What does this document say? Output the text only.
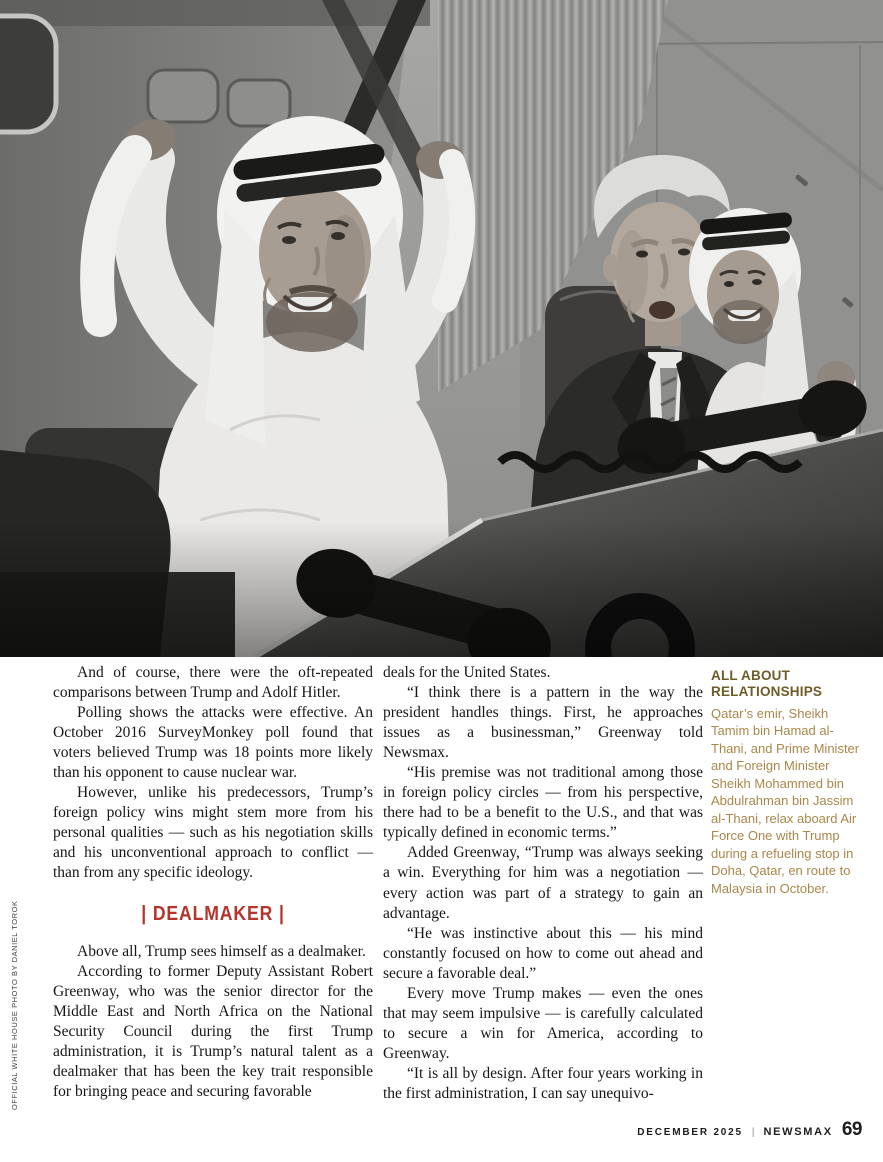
OFFICIAL WHITE HOUSE PHOTO BY DANIEL TOROK

And of course, there were the oft-repeated comparisons between Trump and Adolf Hitler.

Polling shows the attacks were effective. An October 2016 SurveyMonkey poll found that voters believed Trump was 18 points more likely than his opponent to cause nuclear war.

However, unlike his predecessors, Trump’s foreign policy wins might stem more from his personal qualities — such as his negotiation skills and his unconventional approach to conflict — than from any specific ideology.

| DEALMAKER |

Above all, Trump sees himself as a dealmaker.

According to former Deputy Assistant Robert Greenway, who was the senior director for the Middle East and North Africa on the National Security Council during the first Trump administration, it is Trump’s natural talent as a dealmaker that has been the key trait responsible for bringing peace and securing favorable

deals for the United States.

“I think there is a pattern in the way the president handles things. First, he approaches issues as a businessman,” Greenway told Newsmax.

“His premise was not traditional among those in foreign policy circles — from his perspective, there had to be a benefit to the U.S., and that was typically defined in economic terms.”

Added Greenway, “Trump was always seeking a win. Everything for him was a negotiation — every action was part of a strategy to gain an advantage.

“He was instinctive about this — his mind constantly focused on how to come out ahead and secure a favorable deal.”

Every move Trump makes — even the ones that may seem impulsive — is carefully calculated to secure a win for America, according to Greenway.

“It is all by design. After four years working in the first administration, I can say unequivo-

ALL ABOUT RELATIONSHIPS

Qatar’s emir, Sheikh Tamim bin Hamad al-Thani, and Prime Minister and Foreign Minister Sheikh Mohammed bin Abdulrahman bin Jassim al-Thani, relax aboard Air Force One with Trump during a refueling stop in Doha, Qatar, en route to Malaysia in October.

DECEMBER 2025 | NEWSMAX 69
